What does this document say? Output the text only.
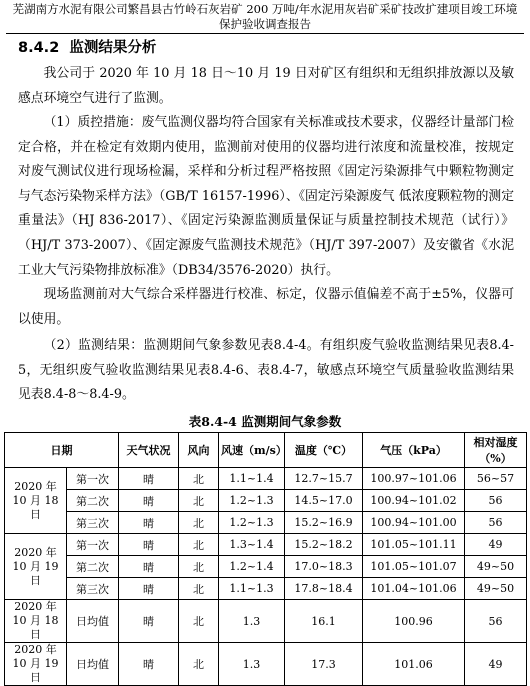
芜湖南方水泥有限公司繁昌县古竹岭石灰岩矿 200 万吨/年水泥用灰岩矿采矿技改扩建项目竣工环境保护验收调查报告
8.4.2 监测结果分析
我公司于 2020 年 10 月 18 日～10 月 19 日对矿区有组织和无组织排放源以及敏感点环境空气进行了监测。
（1）质控措施：废气监测仪器均符合国家有关标准或技术要求，仪器经计量部门检定合格，并在检定有效期内使用，监测前对使用的仪器均进行浓度和流量校准，按规定对废气测试仪进行现场检漏，采样和分析过程严格按照《固定污染源排气中颗粒物测定与气态污染物采样方法》（GB/T 16157-1996）、《固定污染源废气 低浓度颗粒物的测定 重量法》（HJ 836-2017）、《固定污染源监测质量保证与质量控制技术规范（试行）》（HJ/T 373-2007）、《固定源废气监测技术规范》（HJ/T 397-2007）及安徽省《水泥工业大气污染物排放标准》（DB34/3576-2020）执行。
现场监测前对大气综合采样器进行校准、标定，仪器示值偏差不高于±5%，仪器可以使用。
（2）监测结果：监测期间气象参数见表8.4-4。有组织废气验收监测结果见表8.4-5，无组织废气验收监测结果见表8.4-6、表8.4-7，敏感点环境空气质量验收监测结果见表8.4-8～8.4-9。
表8.4-4 监测期间气象参数
日期		天气状况	风向	风速（m/s）	温度（℃）	气压（kPa）	相对湿度（%）
2020 年 10 月 18 日	第一次	晴	北	1.1~1.4	12.7~15.7	100.97~101.06	56~57
	第二次	晴	北	1.2~1.3	14.5~17.0	100.94~101.02	56
	第三次	晴	北	1.2~1.3	15.2~16.9	100.94~101.00	56
2020 年 10 月 19 日	第一次	晴	北	1.3~1.4	15.2~18.2	101.05~101.11	49
	第二次	晴	北	1.2~1.4	17.0~18.3	101.05~101.07	49~50
	第三次	晴	北	1.1~1.3	17.8~18.4	101.04~101.06	49~50
2020 年 10 月 18 日	日均值	晴	北	1.3	16.1	100.96	56
2020 年 10 月 19 日	日均值	晴	北	1.3	17.3	101.06	49
